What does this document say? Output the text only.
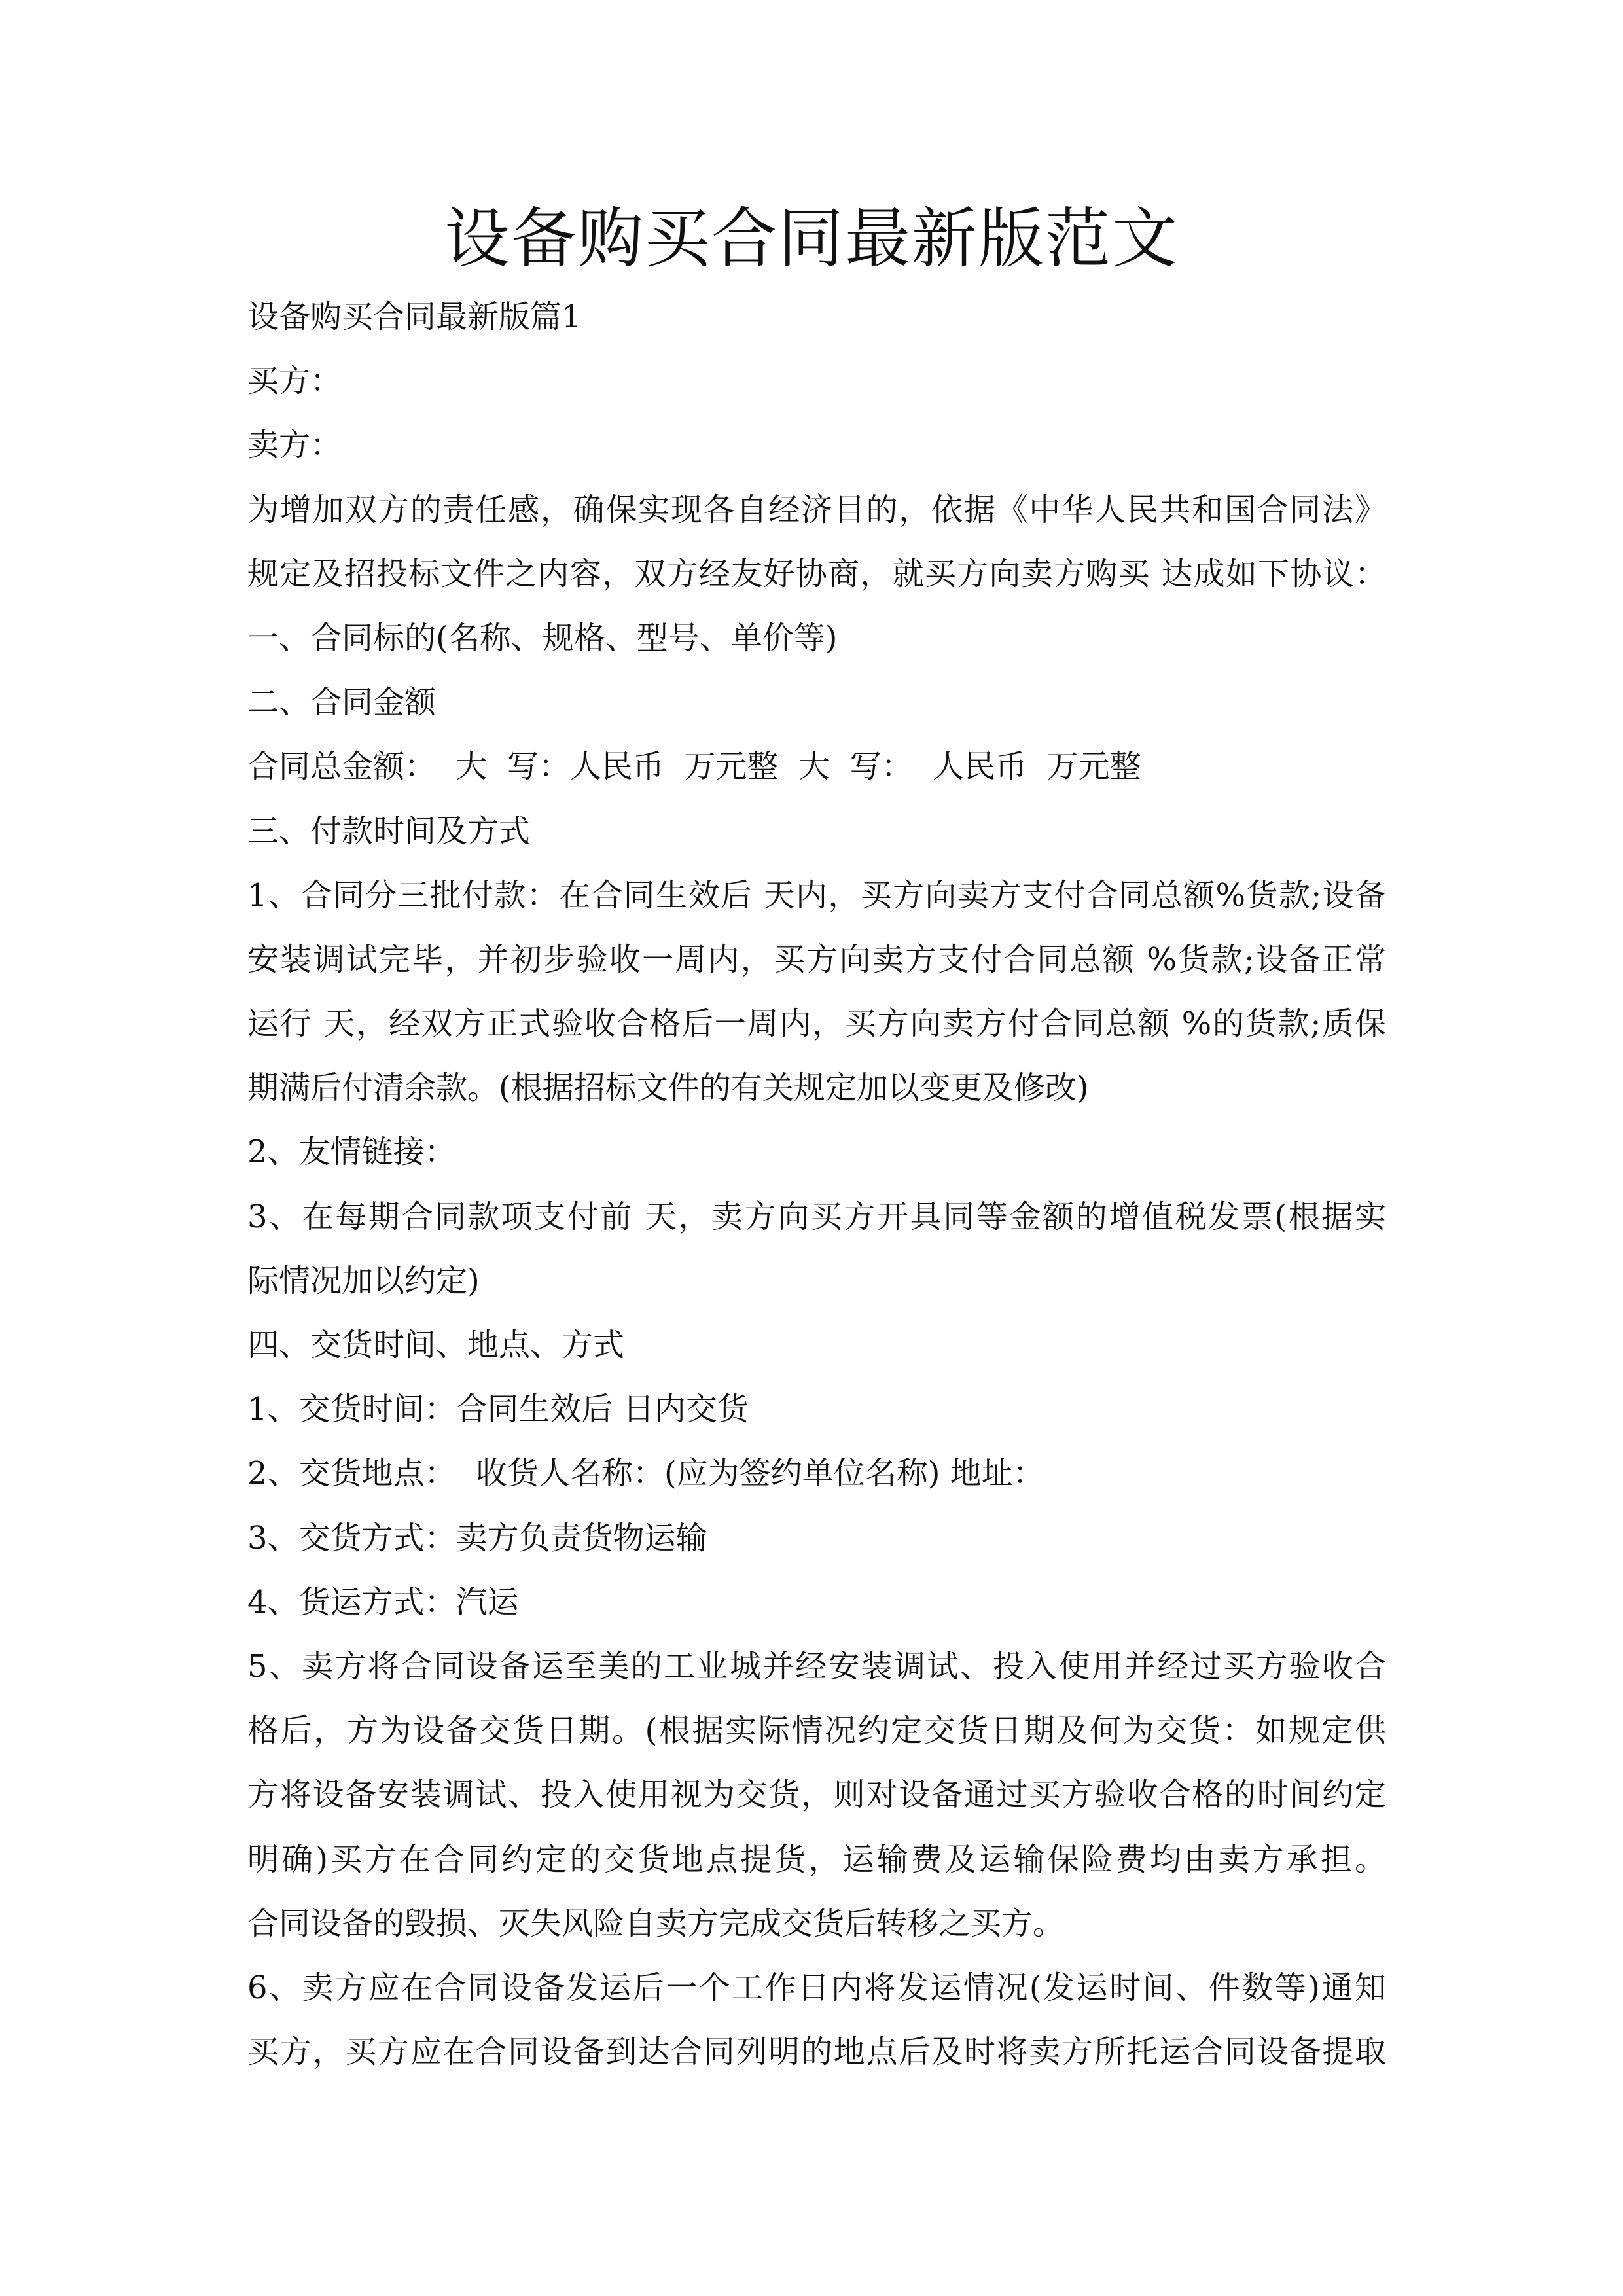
设备购买合同最新版范文
设备购买合同最新版篇1
买方：
卖方：
为增加双方的责任感，确保实现各自经济目的，依据《中华人民共和国合同法》
规定及招投标文件之内容，双方经友好协商，就买方向卖方购买 达成如下协议：
一、合同标的(名称、规格、型号、单价等)
二、合同金额
合同总金额：  大  写：人民币  万元整  大  写：  人民币  万元整
三、付款时间及方式
1、合同分三批付款：在合同生效后 天内，买方向卖方支付合同总额%货款;设备
安装调试完毕，并初步验收一周内，买方向卖方支付合同总额 %货款;设备正常
运行 天，经双方正式验收合格后一周内，买方向卖方付合同总额 %的货款;质保
期满后付清余款。(根据招标文件的有关规定加以变更及修改)
2、友情链接：
3、在每期合同款项支付前 天，卖方向买方开具同等金额的增值税发票(根据实
际情况加以约定)
四、交货时间、地点、方式
1、交货时间：合同生效后 日内交货
2、交货地点：  收货人名称：(应为签约单位名称) 地址：
3、交货方式：卖方负责货物运输
4、货运方式：汽运
5、卖方将合同设备运至美的工业城并经安装调试、投入使用并经过买方验收合
格后，方为设备交货日期。(根据实际情况约定交货日期及何为交货：如规定供
方将设备安装调试、投入使用视为交货，则对设备通过买方验收合格的时间约定
明确)买方在合同约定的交货地点提货，运输费及运输保险费均由卖方承担。
合同设备的毁损、灭失风险自卖方完成交货后转移之买方。
6、卖方应在合同设备发运后一个工作日内将发运情况(发运时间、件数等)通知
买方，买方应在合同设备到达合同列明的地点后及时将卖方所托运合同设备提取
